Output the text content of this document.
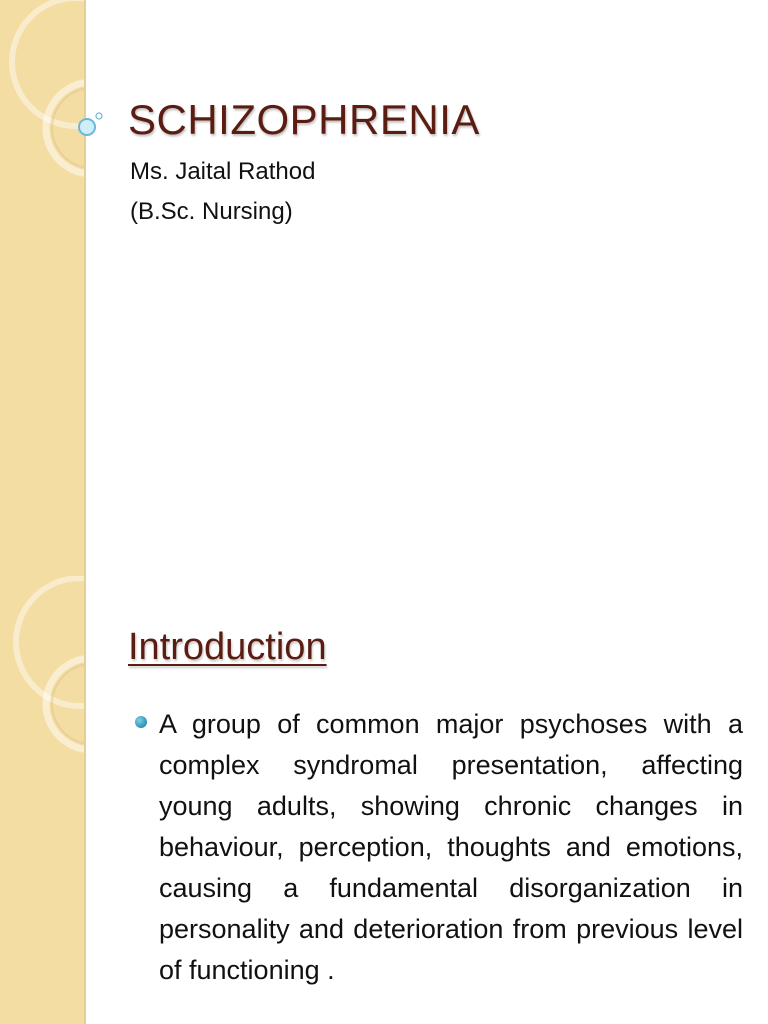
SCHIZOPHRENIA
Ms. Jaital Rathod
(B.Sc. Nursing)
Introduction

A group of common major psychoses with a complex syndromal presentation, affecting young adults, showing chronic changes in behaviour, perception, thoughts and emotions, causing a fundamental disorganization in personality and deterioration from previous level of functioning .
